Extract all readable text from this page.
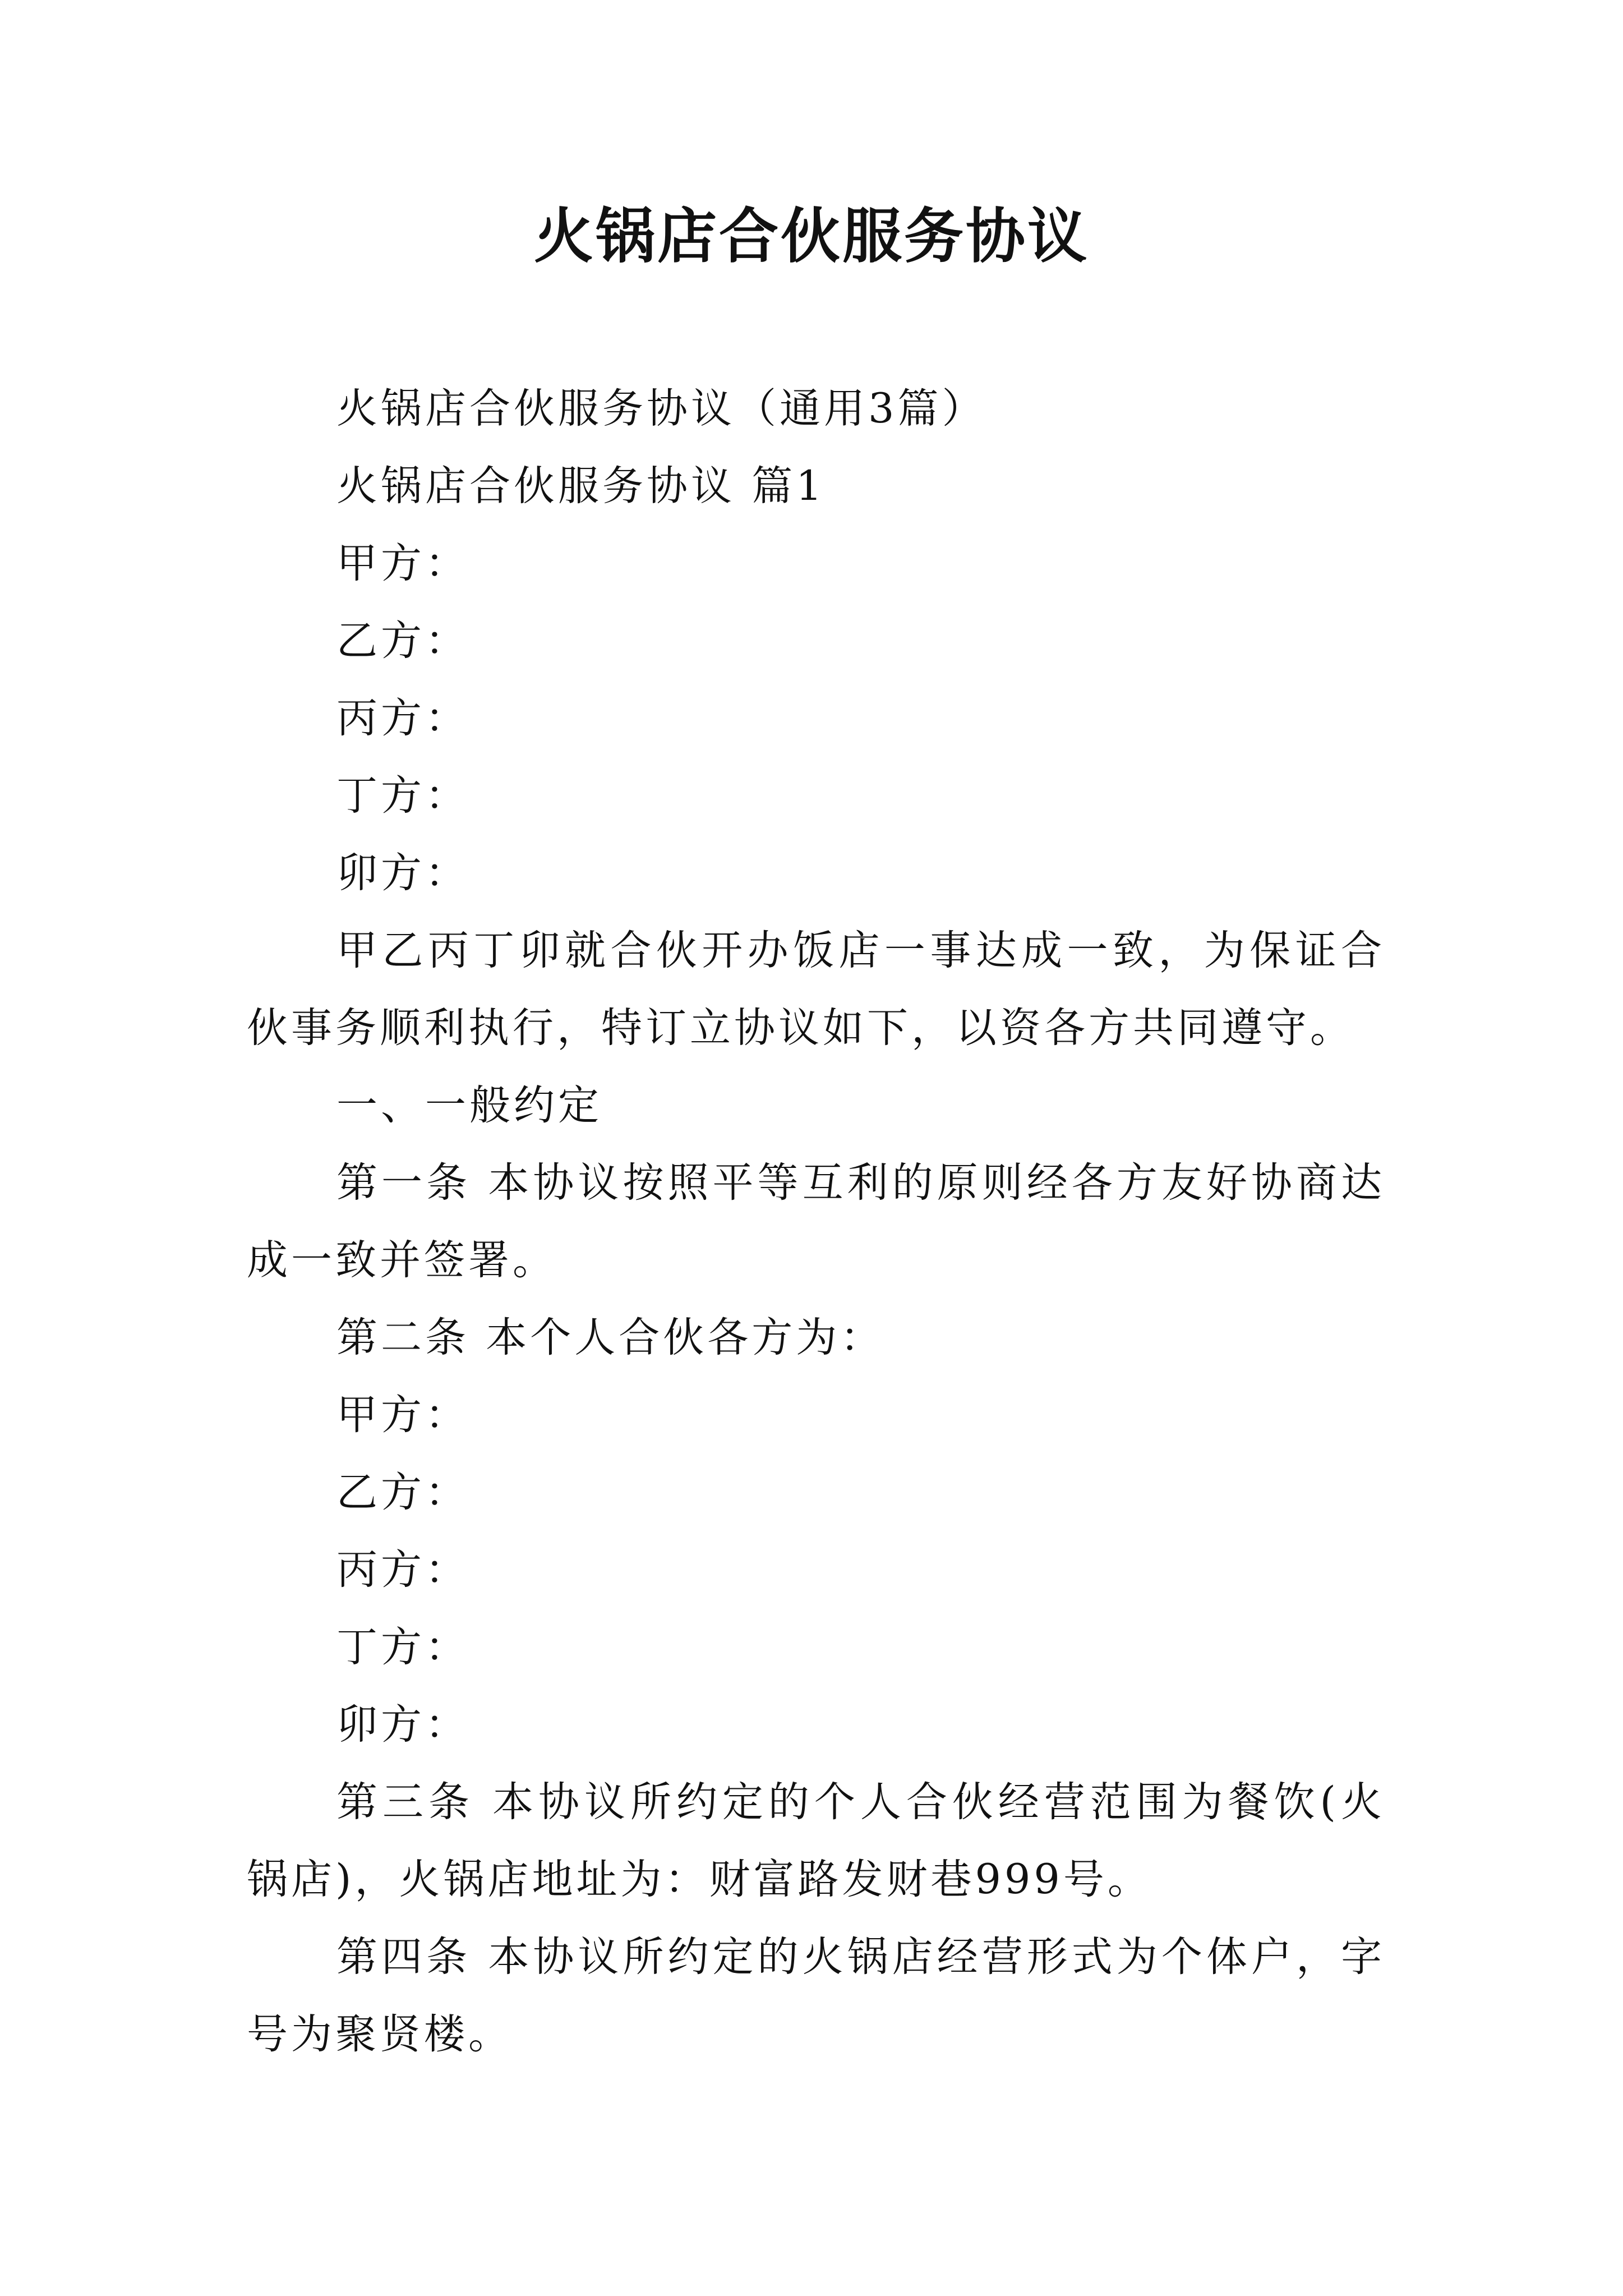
火锅店合伙服务协议

火锅店合伙服务协议（通用3篇）

火锅店合伙服务协议 篇1

甲方：

乙方：

丙方：

丁方：

卯方：

甲乙丙丁卯就合伙开办饭店一事达成一致，为保证合伙事务顺利执行，特订立协议如下，以资各方共同遵守。

一、一般约定

第一条 本协议按照平等互利的原则经各方友好协商达成一致并签署。

第二条 本个人合伙各方为：

甲方：

乙方：

丙方：

丁方：

卯方：

第三条 本协议所约定的个人合伙经营范围为餐饮(火锅店)，火锅店地址为：财富路发财巷999号。

第四条 本协议所约定的火锅店经营形式为个体户，字号为聚贤楼。
